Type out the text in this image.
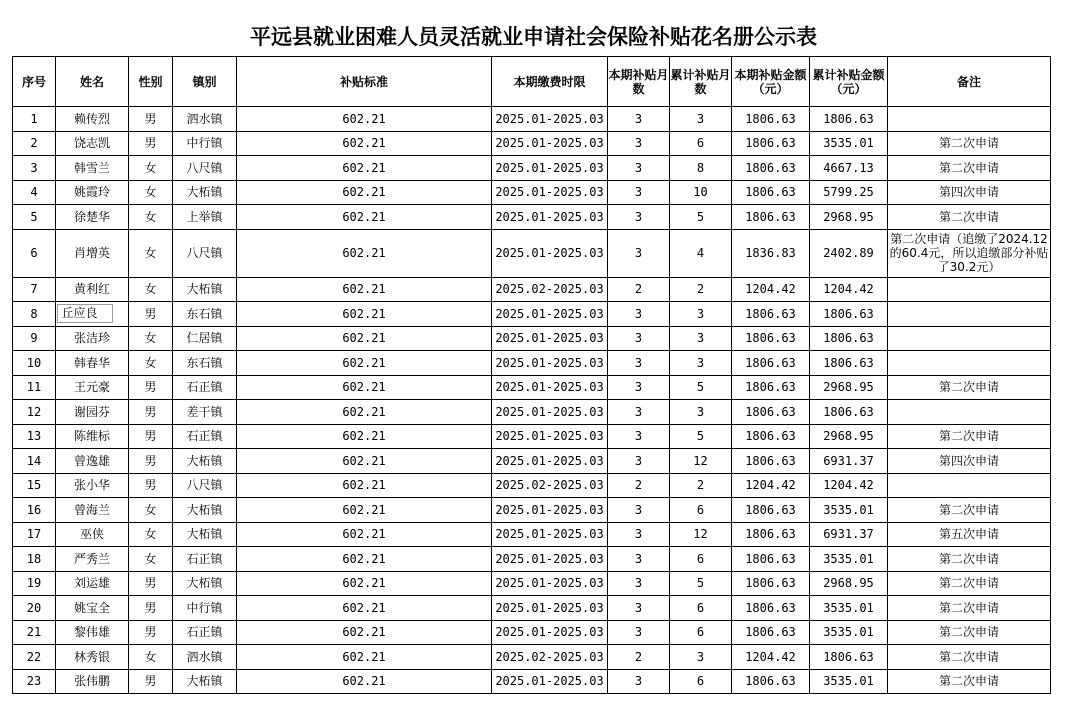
平远县就业困难人员灵活就业申请社会保险补贴花名册公示表
序号	姓名	性别	镇别	补贴标准	本期缴费时限	本期补贴月数	累计补贴月数	本期补贴金额（元）	累计补贴金额（元）	备注
1	赖传烈	男	泗水镇	602.21	2025.01-2025.03	3	3	1806.63	1806.63	
2	饶志凯	男	中行镇	602.21	2025.01-2025.03	3	6	1806.63	3535.01	第二次申请
3	韩雪兰	女	八尺镇	602.21	2025.01-2025.03	3	8	1806.63	4667.13	第二次申请
4	姚霞玲	女	大柘镇	602.21	2025.01-2025.03	3	10	1806.63	5799.25	第四次申请
5	徐楚华	女	上举镇	602.21	2025.01-2025.03	3	5	1806.63	2968.95	第二次申请
6	肖增英	女	八尺镇	602.21	2025.01-2025.03	3	4	1836.83	2402.89	第二次申请（追缴了2024.12的60.4元，所以追缴部分补贴了30.2元）
7	黄利红	女	大柘镇	602.21	2025.02-2025.03	2	2	1204.42	1204.42	
8	丘应良	男	东石镇	602.21	2025.01-2025.03	3	3	1806.63	1806.63	
9	张洁珍	女	仁居镇	602.21	2025.01-2025.03	3	3	1806.63	1806.63	
10	韩春华	女	东石镇	602.21	2025.01-2025.03	3	3	1806.63	1806.63	
11	王元豪	男	石正镇	602.21	2025.01-2025.03	3	5	1806.63	2968.95	第二次申请
12	谢园芬	男	差干镇	602.21	2025.01-2025.03	3	3	1806.63	1806.63	
13	陈维标	男	石正镇	602.21	2025.01-2025.03	3	5	1806.63	2968.95	第二次申请
14	曾逸雄	男	大柘镇	602.21	2025.01-2025.03	3	12	1806.63	6931.37	第四次申请
15	张小华	男	八尺镇	602.21	2025.02-2025.03	2	2	1204.42	1204.42	
16	曾海兰	女	大柘镇	602.21	2025.01-2025.03	3	6	1806.63	3535.01	第二次申请
17	巫侠	女	大柘镇	602.21	2025.01-2025.03	3	12	1806.63	6931.37	第五次申请
18	严秀兰	女	石正镇	602.21	2025.01-2025.03	3	6	1806.63	3535.01	第二次申请
19	刘运雄	男	大柘镇	602.21	2025.01-2025.03	3	5	1806.63	2968.95	第二次申请
20	姚宝全	男	中行镇	602.21	2025.01-2025.03	3	6	1806.63	3535.01	第二次申请
21	黎伟雄	男	石正镇	602.21	2025.01-2025.03	3	6	1806.63	3535.01	第二次申请
22	林秀银	女	泗水镇	602.21	2025.02-2025.03	2	3	1204.42	1806.63	第二次申请
23	张伟鹏	男	大柘镇	602.21	2025.01-2025.03	3	6	1806.63	3535.01	第二次申请
